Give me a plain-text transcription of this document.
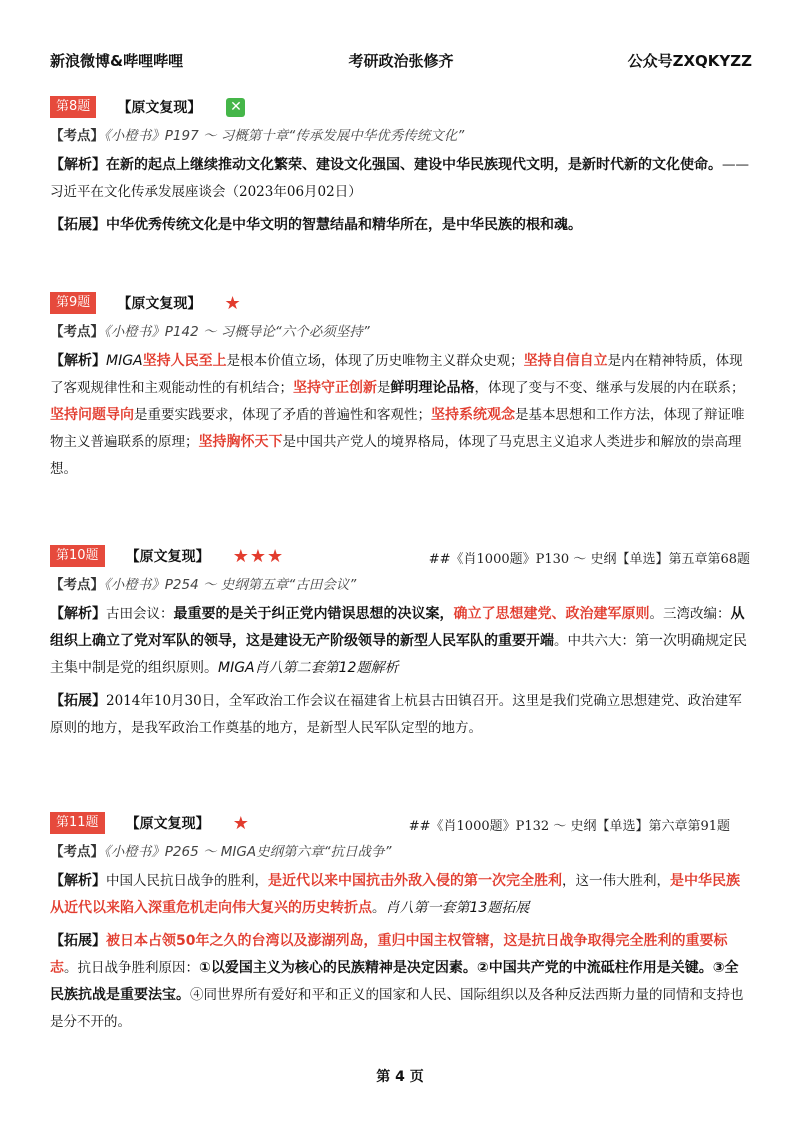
新浪微博&哔哩哔哩	考研政治张修齐	公众号ZXQKYZZ
第8题 【原文复现】 ✕
【考点】《小橙书》P197 ～ 习概第十章“传承发展中华优秀传统文化”
【解析】在新的起点上继续推动文化繁荣、建设文化强国、建设中华民族现代文明，是新时代新的文化使命。——习近平在文化传承发展座谈会（2023年06月02日）
【拓展】中华优秀传统文化是中华文明的智慧结晶和精华所在，是中华民族的根和魂。
第9题 【原文复现】 ★
【考点】《小橙书》P142 ～ 习概导论“六个必须坚持”
【解析】MIGA坚持人民至上是根本价值立场，体现了历史唯物主义群众史观；坚持自信自立是内在精神特质，体现了客观规律性和主观能动性的有机结合；坚持守正创新是鲜明理论品格，体现了变与不变、继承与发展的内在联系；坚持问题导向是重要实践要求，体现了矛盾的普遍性和客观性；坚持系统观念是基本思想和工作方法，体现了辩证唯物主义普遍联系的原理；坚持胸怀天下是中国共产党人的境界格局，体现了马克思主义追求人类进步和解放的崇高理想。
第10题 【原文复现】 ★★★	##《肖1000题》P130 ～ 史纲【单选】第五章第68题
【考点】《小橙书》P254 ～ 史纲第五章“古田会议”
【解析】古田会议：最重要的是关于纠正党内错误思想的决议案，确立了思想建党、政治建军原则。三湾改编：从组织上确立了党对军队的领导，这是建设无产阶级领导的新型人民军队的重要开端。中共六大：第一次明确规定民主集中制是党的组织原则。MIGA肖八第二套第12题解析
【拓展】2014年10月30日，全军政治工作会议在福建省上杭县古田镇召开。这里是我们党确立思想建党、政治建军原则的地方，是我军政治工作奠基的地方，是新型人民军队定型的地方。
第11题 【原文复现】 ★	##《肖1000题》P132 ～ 史纲【单选】第六章第91题
【考点】《小橙书》P265 ～ MIGA史纲第六章“抗日战争”
【解析】中国人民抗日战争的胜利，是近代以来中国抗击外敌入侵的第一次完全胜利，这一伟大胜利，是中华民族从近代以来陷入深重危机走向伟大复兴的历史转折点。肖八第一套第13题拓展
【拓展】被日本占领50年之久的台湾以及澎湖列岛，重归中国主权管辖，这是抗日战争取得完全胜利的重要标志。抗日战争胜利原因：①以爱国主义为核心的民族精神是决定因素。②中国共产党的中流砥柱作用是关键。③全民族抗战是重要法宝。④同世界所有爱好和平和正义的国家和人民、国际组织以及各种反法西斯力量的同情和支持也是分不开的。
第 4 页
